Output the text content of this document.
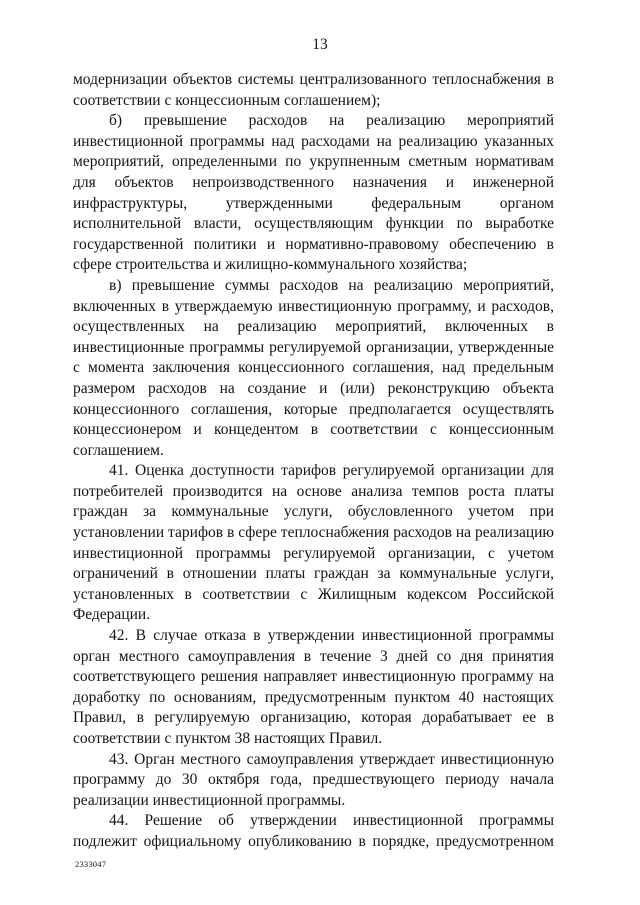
13

модернизации объектов системы централизованного теплоснабжения в соответствии с концессионным соглашением);

б) превышение расходов на реализацию мероприятий инвестиционной программы над расходами на реализацию указанных мероприятий, определенными по укрупненным сметным нормативам для объектов непроизводственного назначения и инженерной инфраструктуры, утвержденными федеральным органом исполнительной власти, осуществляющим функции по выработке государственной политики и нормативно-правовому обеспечению в сфере строительства и жилищно-коммунального хозяйства;

в) превышение суммы расходов на реализацию мероприятий, включенных в утверждаемую инвестиционную программу, и расходов, осуществленных на реализацию мероприятий, включенных в инвестиционные программы регулируемой организации, утвержденные с момента заключения концессионного соглашения, над предельным размером расходов на создание и (или) реконструкцию объекта концессионного соглашения, которые предполагается осуществлять концессионером и концедентом в соответствии с концессионным соглашением.

41. Оценка доступности тарифов регулируемой организации для потребителей производится на основе анализа темпов роста платы граждан за коммунальные услуги, обусловленного учетом при установлении тарифов в сфере теплоснабжения расходов на реализацию инвестиционной программы регулируемой организации, с учетом ограничений в отношении платы граждан за коммунальные услуги, установленных в соответствии с Жилищным кодексом Российской Федерации.

42. В случае отказа в утверждении инвестиционной программы орган местного самоуправления в течение 3 дней со дня принятия соответствующего решения направляет инвестиционную программу на доработку по основаниям, предусмотренным пунктом 40 настоящих Правил, в регулируемую организацию, которая дорабатывает ее в соответствии с пунктом 38 настоящих Правил.

43. Орган местного самоуправления утверждает инвестиционную программу до 30 октября года, предшествующего периоду начала реализации инвестиционной программы.

44. Решение об утверждении инвестиционной программы подлежит официальному опубликованию в порядке, предусмотренном

2333047
